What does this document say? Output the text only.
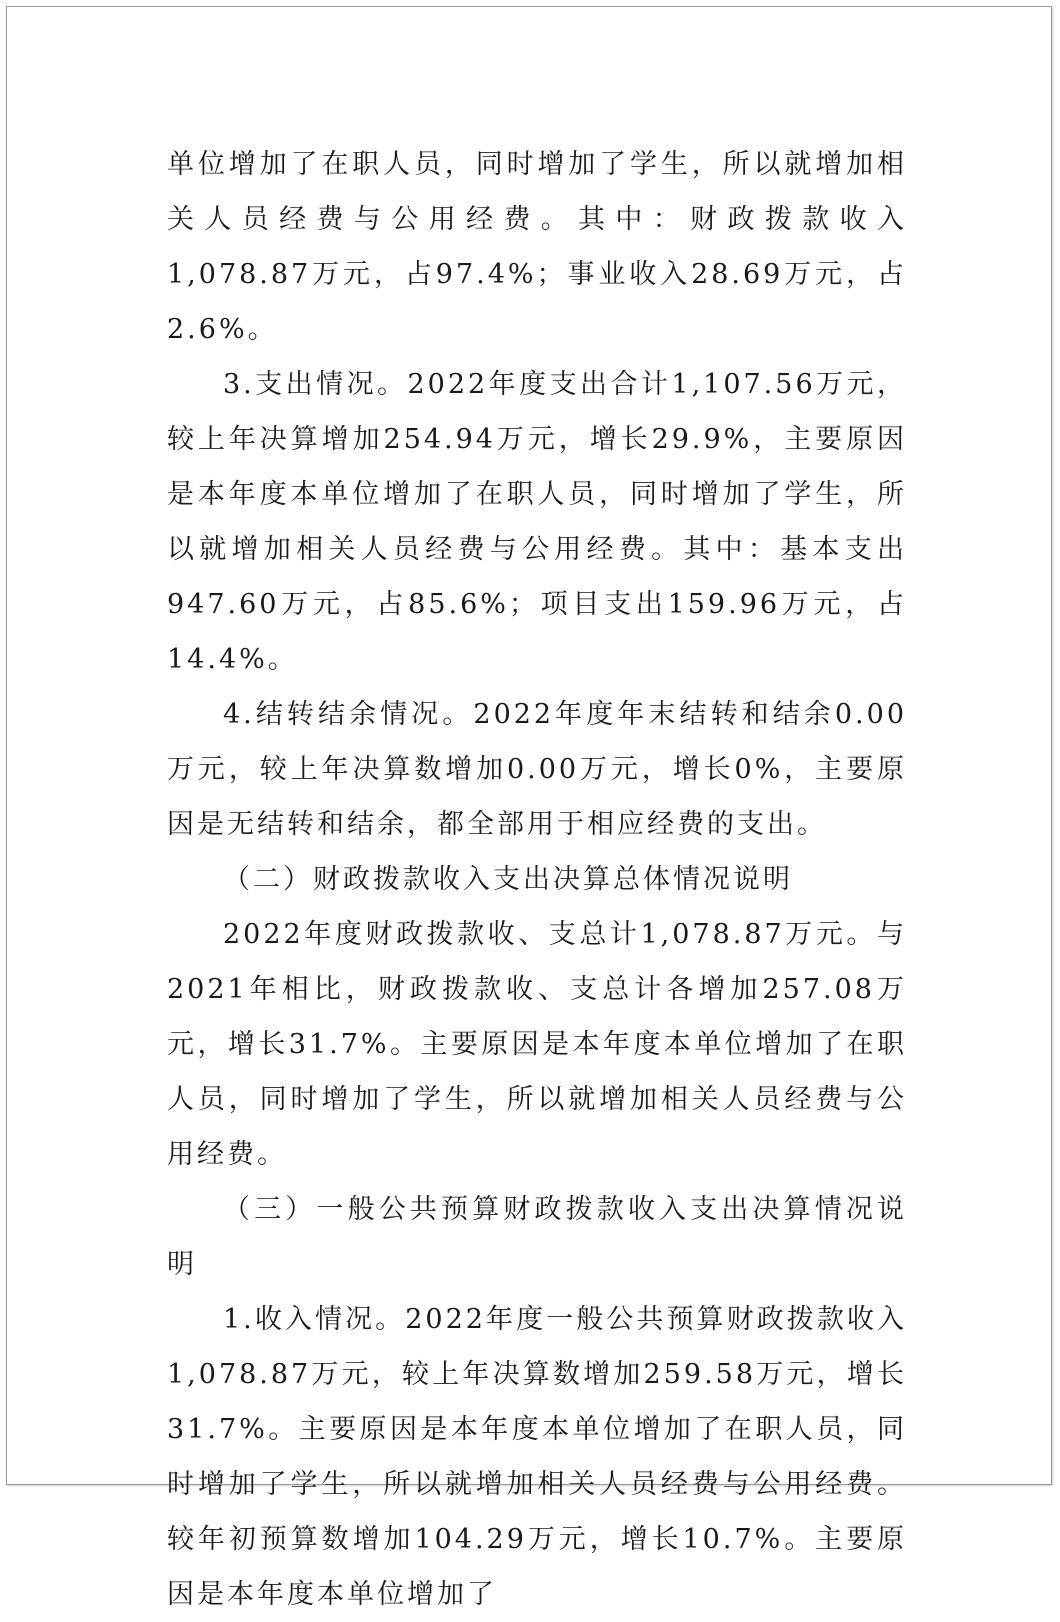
单位增加了在职人员，同时增加了学生，所以就增加相关人员经费与公用经费。其中：财政拨款收入1,078.87万元，占97.4%；事业收入28.69万元，占2.6%。

3.支出情况。2022年度支出合计1,107.56万元，较上年决算增加254.94万元，增长29.9%，主要原因是本年度本单位增加了在职人员，同时增加了学生，所以就增加相关人员经费与公用经费。其中：基本支出947.60万元，占85.6%；项目支出159.96万元，占14.4%。

4.结转结余情况。2022年度年末结转和结余0.00万元，较上年决算数增加0.00万元，增长0%，主要原因是无结转和结余，都全部用于相应经费的支出。

（二）财政拨款收入支出决算总体情况说明

2022年度财政拨款收、支总计1,078.87万元。与2021年相比，财政拨款收、支总计各增加257.08万元，增长31.7%。主要原因是本年度本单位增加了在职人员，同时增加了学生，所以就增加相关人员经费与公用经费。

（三）一般公共预算财政拨款收入支出决算情况说明

1.收入情况。2022年度一般公共预算财政拨款收入1,078.87万元，较上年决算数增加259.58万元，增长31.7%。主要原因是本年度本单位增加了在职人员，同时增加了学生，所以就增加相关人员经费与公用经费。较年初预算数增加104.29万元，增长10.7%。主要原因是本年度本单位增加了
